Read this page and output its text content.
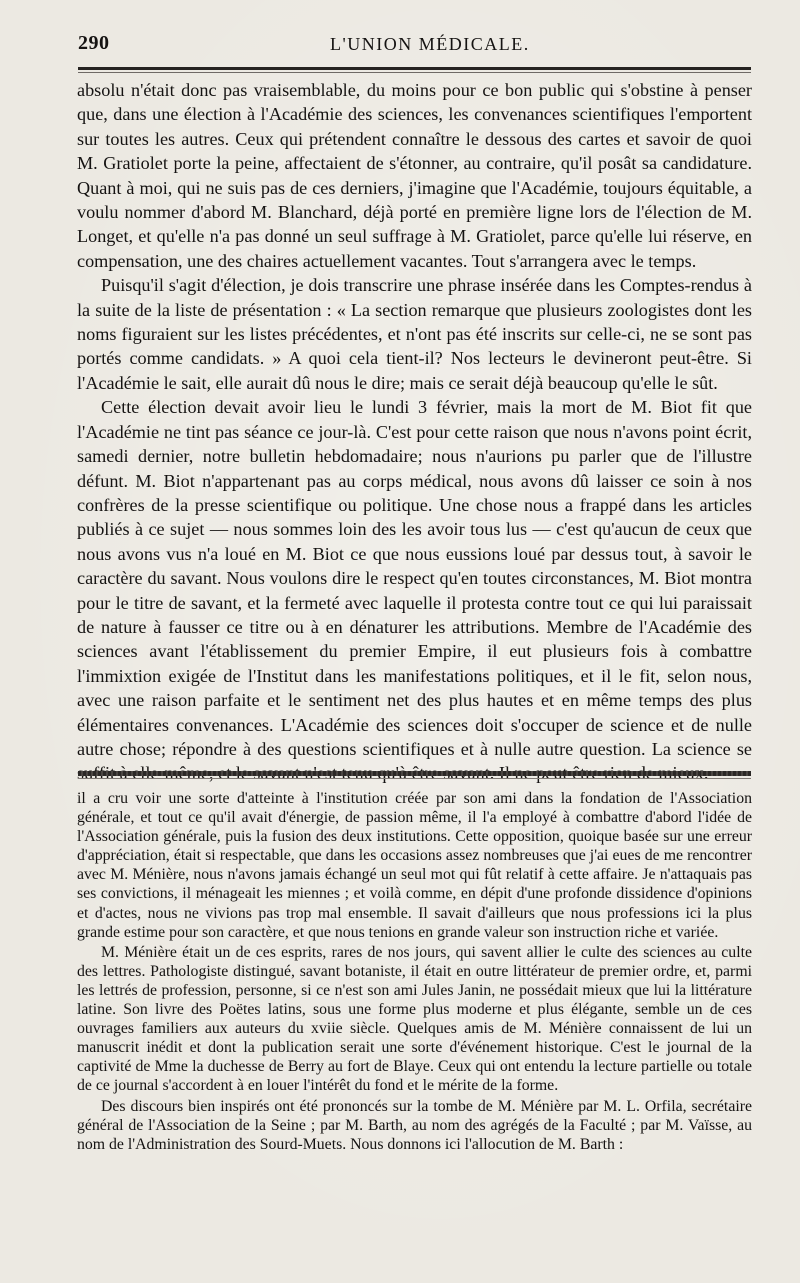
290	L'UNION MÉDICALE.

absolu n'était donc pas vraisemblable, du moins pour ce bon public qui s'obstine à penser que, dans une élection à l'Académie des sciences, les convenances scientifiques l'emportent sur toutes les autres. Ceux qui prétendent connaître le dessous des cartes et savoir de quoi M. Gratiolet porte la peine, affectaient de s'étonner, au contraire, qu'il posât sa candidature. Quant à moi, qui ne suis pas de ces derniers, j'imagine que l'Académie, toujours équitable, a voulu nommer d'abord M. Blanchard, déjà porté en première ligne lors de l'élection de M. Longet, et qu'elle n'a pas donné un seul suffrage à M. Gratiolet, parce qu'elle lui réserve, en compensation, une des chaires actuellement vacantes. Tout s'arrangera avec le temps.

Puisqu'il s'agit d'élection, je dois transcrire une phrase insérée dans les Comptes-rendus à la suite de la liste de présentation : « La section remarque que plusieurs zoologistes dont les noms figuraient sur les listes précédentes, et n'ont pas été inscrits sur celle-ci, ne se sont pas portés comme candidats. » A quoi cela tient-il? Nos lecteurs le devineront peut-être. Si l'Académie le sait, elle aurait dû nous le dire; mais ce serait déjà beaucoup qu'elle le sût.

Cette élection devait avoir lieu le lundi 3 février, mais la mort de M. Biot fit que l'Académie ne tint pas séance ce jour-là. C'est pour cette raison que nous n'avons point écrit, samedi dernier, notre bulletin hebdomadaire; nous n'aurions pu parler que de l'illustre défunt. M. Biot n'appartenant pas au corps médical, nous avons dû laisser ce soin à nos confrères de la presse scientifique ou politique. Une chose nous a frappé dans les articles publiés à ce sujet — nous sommes loin des les avoir tous lus — c'est qu'aucun de ceux que nous avons vus n'a loué en M. Biot ce que nous eussions loué par dessus tout, à savoir le caractère du savant. Nous voulons dire le respect qu'en toutes circonstances, M. Biot montra pour le titre de savant, et la fermeté avec laquelle il protesta contre tout ce qui lui paraissait de nature à fausser ce titre ou à en dénaturer les attributions. Membre de l'Académie des sciences avant l'établissement du premier Empire, il eut plusieurs fois à combattre l'immixtion exigée de l'Institut dans les manifestations politiques, et il le fit, selon nous, avec une raison parfaite et le sentiment net des plus hautes et en même temps des plus élémentaires convenances. L'Académie des sciences doit s'occuper de science et de nulle autre chose; répondre à des questions scientifiques et à nulle autre question. La science se

il a cru voir une sorte d'atteinte à l'institution créée par son ami dans la fondation de l'Association générale, et tout ce qu'il avait d'énergie, de passion même, il l'a employé à combattre d'abord l'idée de l'Association générale, puis la fusion des deux institutions. Cette opposition, quoique basée sur une erreur d'appréciation, était si respectable, que dans les occasions assez nombreuses que j'ai eues de me rencontrer avec M. Ménière, nous n'avons jamais échangé un seul mot qui fût relatif à cette affaire. Je n'attaquais pas ses convictions, il ménageait les miennes ; et voilà comme, en dépit d'une profonde dissidence d'opinions et d'actes, nous ne vivions pas trop mal ensemble. Il savait d'ailleurs que nous professions ici la plus grande estime pour son caractère, et que nous tenions en grande valeur son instruction riche et variée.

M. Ménière était un de ces esprits, rares de nos jours, qui savent allier le culte des sciences au culte des lettres. Pathologiste distingué, savant botaniste, il était en outre littérateur de premier ordre, et, parmi les lettrés de profession, personne, si ce n'est son ami Jules Janin, ne possédait mieux que lui la littérature latine. Son livre des Poëtes latins, sous une forme plus moderne et plus élégante, semble un de ces ouvrages familiers aux auteurs du xviie siècle. Quelques amis de M. Ménière connaissent de lui un manuscrit inédit et dont la publication serait une sorte d'événement historique. C'est le journal de la captivité de Mme la duchesse de Berry au fort de Blaye. Ceux qui ont entendu la lecture partielle ou totale de ce journal s'accordent à en louer l'intérêt du fond et le mérite de la forme.

Des discours bien inspirés ont été prononcés sur la tombe de M. Ménière par M. L. Orfila, secrétaire général de l'Association de la Seine ; par M. Barth, au nom des agrégés de la Faculté ; par M. Vaïsse, au nom de l'Administration des Sourd-Muets. Nous donnons ici l'allocution de M. Barth :
